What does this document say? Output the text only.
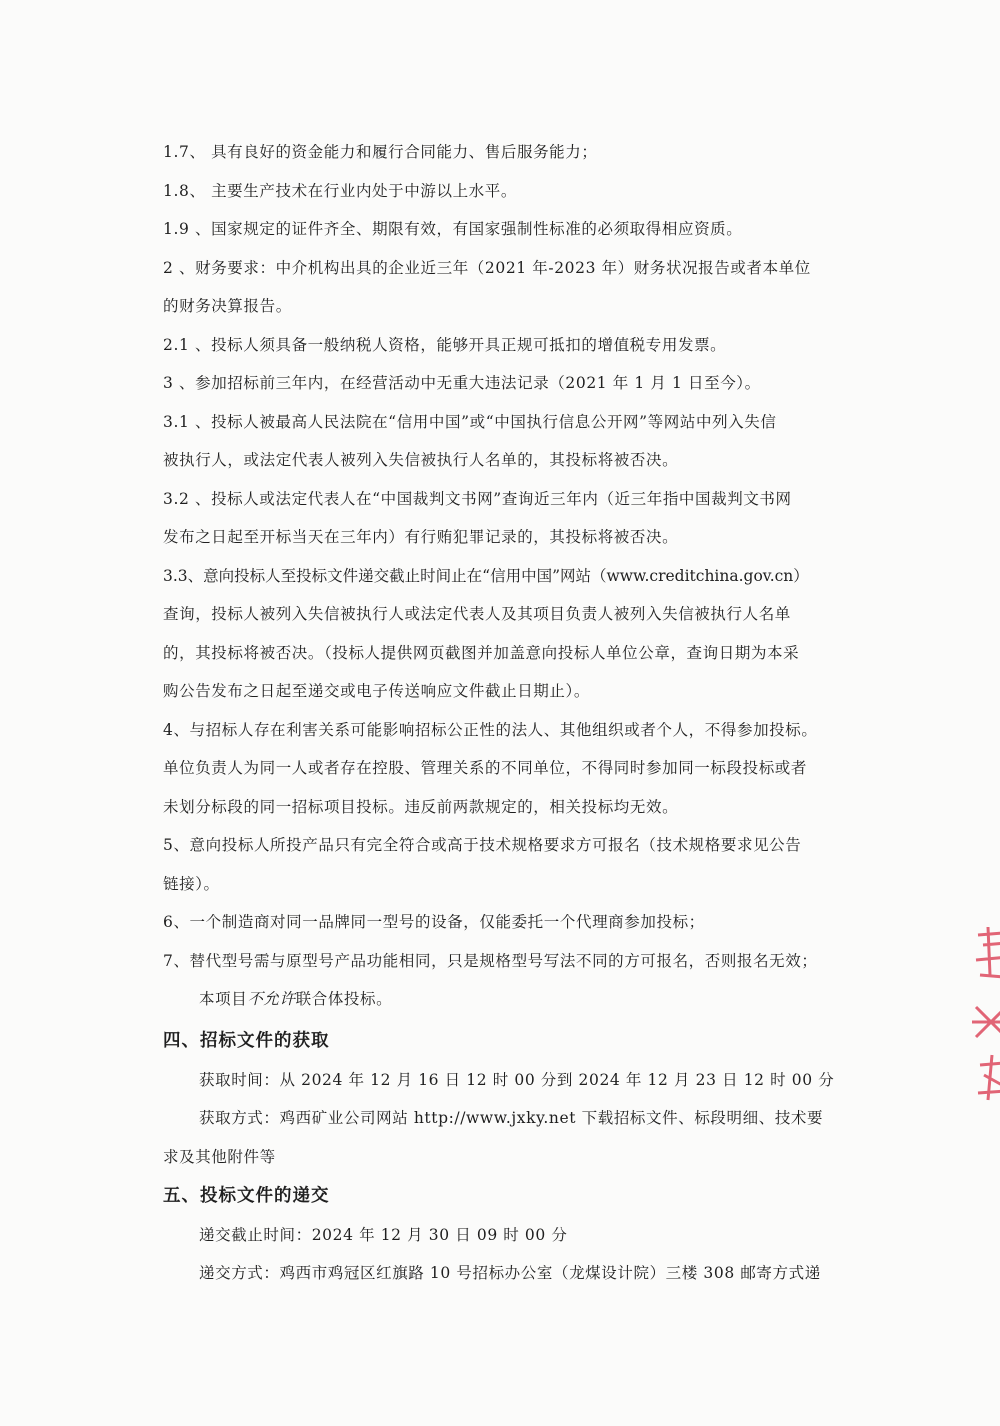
1.7、 具有良好的资金能力和履行合同能力、售后服务能力；
1.8、 主要生产技术在行业内处于中游以上水平。
1.9 、国家规定的证件齐全、期限有效，有国家强制性标准的必须取得相应资质。
2 、财务要求：中介机构出具的企业近三年（2021 年-2023 年）财务状况报告或者本单位
的财务决算报告。
2.1 、投标人须具备一般纳税人资格，能够开具正规可抵扣的增值税专用发票。
3 、参加招标前三年内，在经营活动中无重大违法记录（2021 年 1 月 1 日至今）。
3.1 、投标人被最高人民法院在“信用中国”或“中国执行信息公开网”等网站中列入失信
被执行人，或法定代表人被列入失信被执行人名单的，其投标将被否决。
3.2 、投标人或法定代表人在“中国裁判文书网”查询近三年内（近三年指中国裁判文书网
发布之日起至开标当天在三年内）有行贿犯罪记录的，其投标将被否决。
3.3、意向投标人至投标文件递交截止时间止在“信用中国”网站（www.creditchina.gov.cn）
查询，投标人被列入失信被执行人或法定代表人及其项目负责人被列入失信被执行人名单
的，其投标将被否决。（投标人提供网页截图并加盖意向投标人单位公章，查询日期为本采
购公告发布之日起至递交或电子传送响应文件截止日期止）。
4、与招标人存在利害关系可能影响招标公正性的法人、其他组织或者个人，不得参加投标。
单位负责人为同一人或者存在控股、管理关系的不同单位，不得同时参加同一标段投标或者
未划分标段的同一招标项目投标。违反前两款规定的，相关投标均无效。
5、意向投标人所投产品只有完全符合或高于技术规格要求方可报名（技术规格要求见公告
链接）。
6、一个制造商对同一品牌同一型号的设备，仅能委托一个代理商参加投标；
7、替代型号需与原型号产品功能相同，只是规格型号写法不同的方可报名，否则报名无效；
本项目不允许联合体投标。
四、招标文件的获取
获取时间：从 2024 年 12 月 16 日 12 时 00 分到 2024 年 12 月 23 日 12 时 00 分
获取方式：鸡西矿业公司网站 http://www.jxky.net 下载招标文件、标段明细、技术要
求及其他附件等
五、投标文件的递交
递交截止时间：2024 年 12 月 30 日 09 时 00 分
递交方式：鸡西市鸡冠区红旗路 10 号招标办公室（龙煤设计院）三楼 308 邮寄方式递
